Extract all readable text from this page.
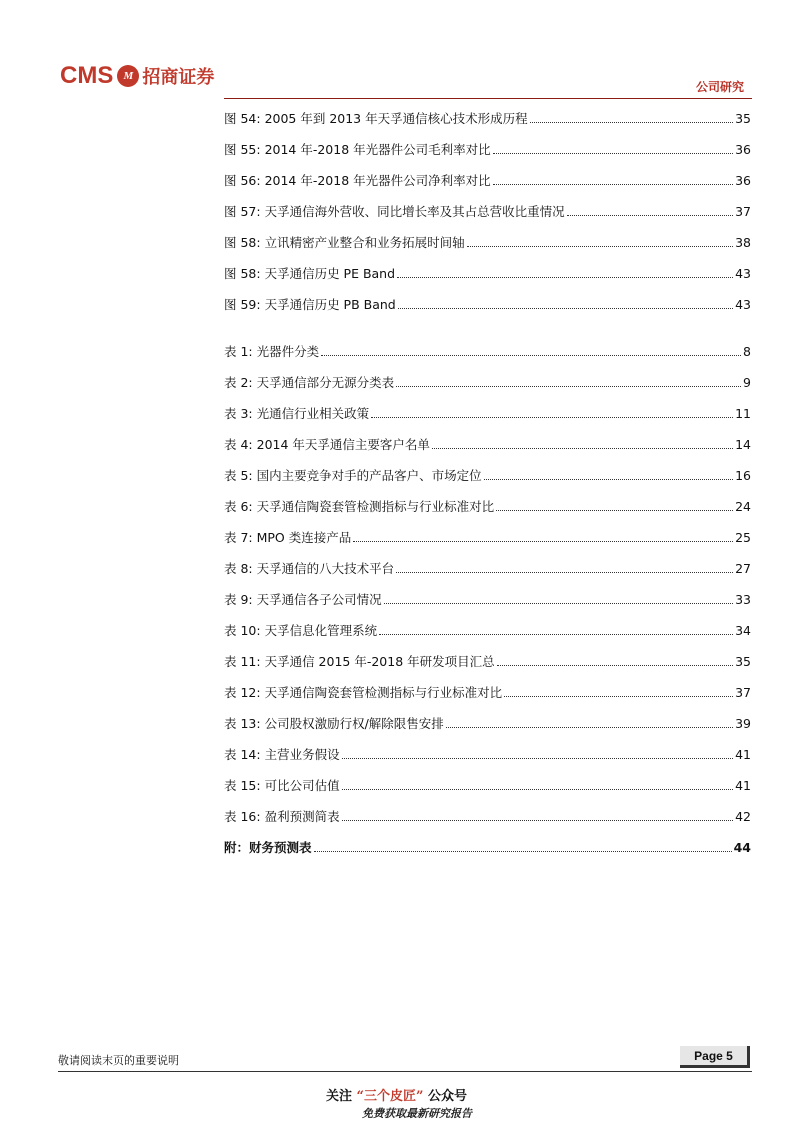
CMS M 招商证券	公司研究
图 54: 2005 年到 2013 年天孚通信核心技术形成历程	35
图 55: 2014 年-2018 年光器件公司毛利率对比	36
图 56: 2014 年-2018 年光器件公司净利率对比	36
图 57: 天孚通信海外营收、同比增长率及其占总营收比重情况	37
图 58: 立讯精密产业整合和业务拓展时间轴	38
图 58: 天孚通信历史 PE Band	43
图 59: 天孚通信历史 PB Band	43
表 1: 光器件分类	8
表 2: 天孚通信部分无源分类表	9
表 3: 光通信行业相关政策	11
表 4: 2014 年天孚通信主要客户名单	14
表 5: 国内主要竞争对手的产品客户、市场定位	16
表 6: 天孚通信陶瓷套管检测指标与行业标准对比	24
表 7: MPO 类连接产品	25
表 8: 天孚通信的八大技术平台	27
表 9: 天孚通信各子公司情况	33
表 10: 天孚信息化管理系统	34
表 11: 天孚通信 2015 年-2018 年研发项目汇总	35
表 12: 天孚通信陶瓷套管检测指标与行业标准对比	37
表 13: 公司股权激励行权/解除限售安排	39
表 14: 主营业务假设	41
表 15: 可比公司估值	41
表 16: 盈利预测简表	42
附：财务预测表	44
敬请阅读末页的重要说明	Page 5
关注 “三个皮匠” 公众号
免费获取最新研究报告
